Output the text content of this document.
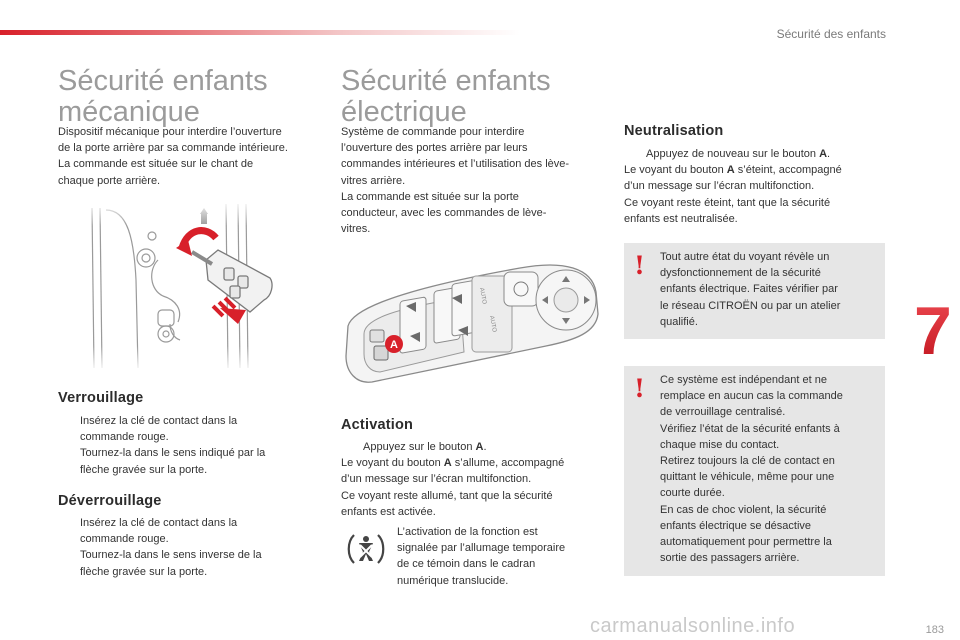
Sécurité des enfants
Sécurité enfants
mécanique
Dispositif mécanique pour interdire l’ouverture
de la porte arrière par sa commande intérieure.
La commande est située sur le chant de
chaque porte arrière.
Verrouillage
Insérez la clé de contact dans la
commande rouge.
Tournez-la dans le sens indiqué par la
flèche gravée sur la porte.
Déverrouillage
Insérez la clé de contact dans la
commande rouge.
Tournez-la dans le sens inverse de la
flèche gravée sur la porte.
Sécurité enfants
électrique
Système de commande pour interdire
l’ouverture des portes arrière par leurs
commandes intérieures et l’utilisation des lève-
vitres arrière.
La commande est située sur la porte
conducteur, avec les commandes de lève-
vitres.
AUTO
AUTO
A
Activation
Appuyez sur le bouton A.
Le voyant du bouton A s’allume, accompagné
d’un message sur l’écran multifonction.
Ce voyant reste allumé, tant que la sécurité
enfants est activée.
L’activation de la fonction est
signalée par l’allumage temporaire
de ce témoin dans le cadran
numérique translucide.
Neutralisation
Appuyez de nouveau sur le bouton A.
Le voyant du bouton A s’éteint, accompagné
d’un message sur l’écran multifonction.
Ce voyant reste éteint, tant que la sécurité
enfants est neutralisée.
! Tout autre état du voyant révèle un
dysfonctionnement de la sécurité
enfants électrique. Faites vérifier par
le réseau CITROËN ou par un atelier
qualifié.
! Ce système est indépendant et ne
remplace en aucun cas la commande
de verrouillage centralisé.
Vérifiez l’état de la sécurité enfants à
chaque mise du contact.
Retirez toujours la clé de contact en
quittant le véhicule, même pour une
courte durée.
En cas de choc violent, la sécurité
enfants électrique se désactive
automatiquement pour permettre la
sortie des passagers arrière.
7
carmanualsonline.info	183
